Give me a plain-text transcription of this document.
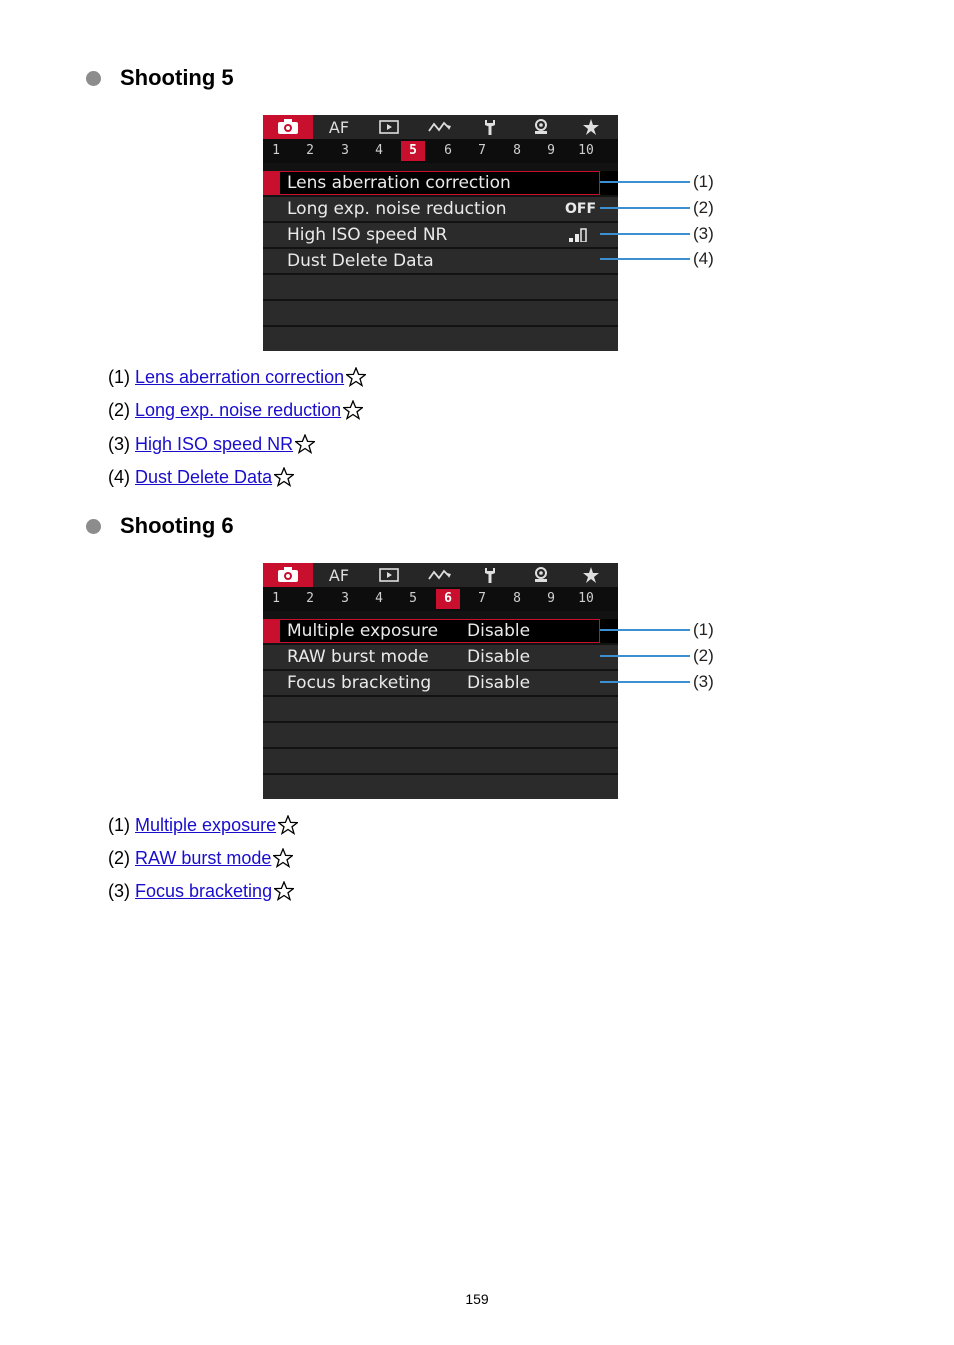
Shooting 5
AF
1	2	3	4	5	6	7	8	9	10
Lens aberration correction
Long exp. noise reduction	OFF
High ISO speed NR
Dust Delete Data
(1)
(2)
(3)
(4)
(1) Lens aberration correction
(2) Long exp. noise reduction
(3) High ISO speed NR
(4) Dust Delete Data
Shooting 6
AF
1	2	3	4	5	6	7	8	9	10
Multiple exposure Disable
RAW burst mode Disable
Focus bracketing Disable
(1)
(2)
(3)
(1) Multiple exposure
(2) RAW burst mode
(3) Focus bracketing
159
